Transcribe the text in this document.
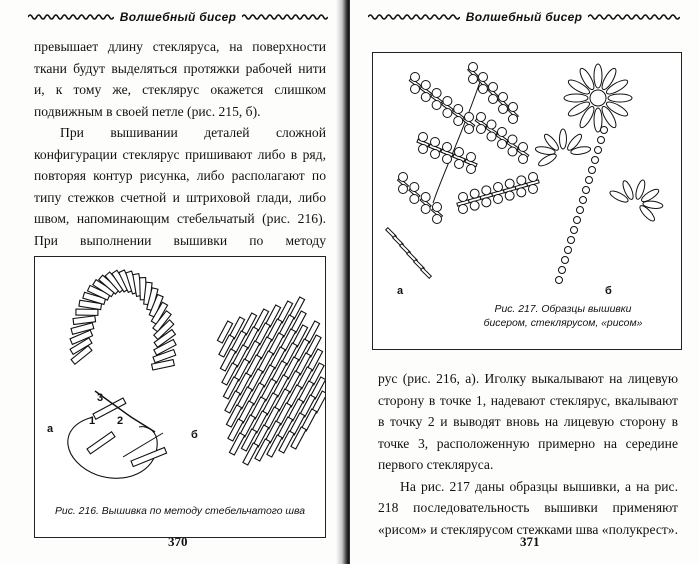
Волшебный бисер

превышает длину стекляруса, на поверхности ткани будут выделяться протяжки рабочей нити и, к тому же, стеклярус окажется слишком подвижным в своей петле (рис. 215, б).

При вышивании деталей сложной конфигурации стеклярус пришивают либо в ряд, повторяя контур рисунка, либо располагают по типу стежков счетной и штриховой глади, либо швом, напоминающим стебельчатый (рис. 216). При выполнении вышивки по методу

а	б
1 2
3
Рис. 216. Вышивка по методу стебельчатого шва
370
Волшебный бисер
а	б
Рис. 217. Образцы вышивки
бисером, стеклярусом, «рисом»

рус (рис. 216, а). Иголку выкалывают на лицевую сторону в точке 1, надевают стеклярус, вкалывают в точку 2 и выводят вновь на лицевую сторону в точке 3, расположенную примерно на середине первого стекляруса.

На рис. 217 даны образцы вышивки, а на рис. 218 последовательность вышивки применяют «рисом» и стеклярусом стежками шва «полукрест».

371
